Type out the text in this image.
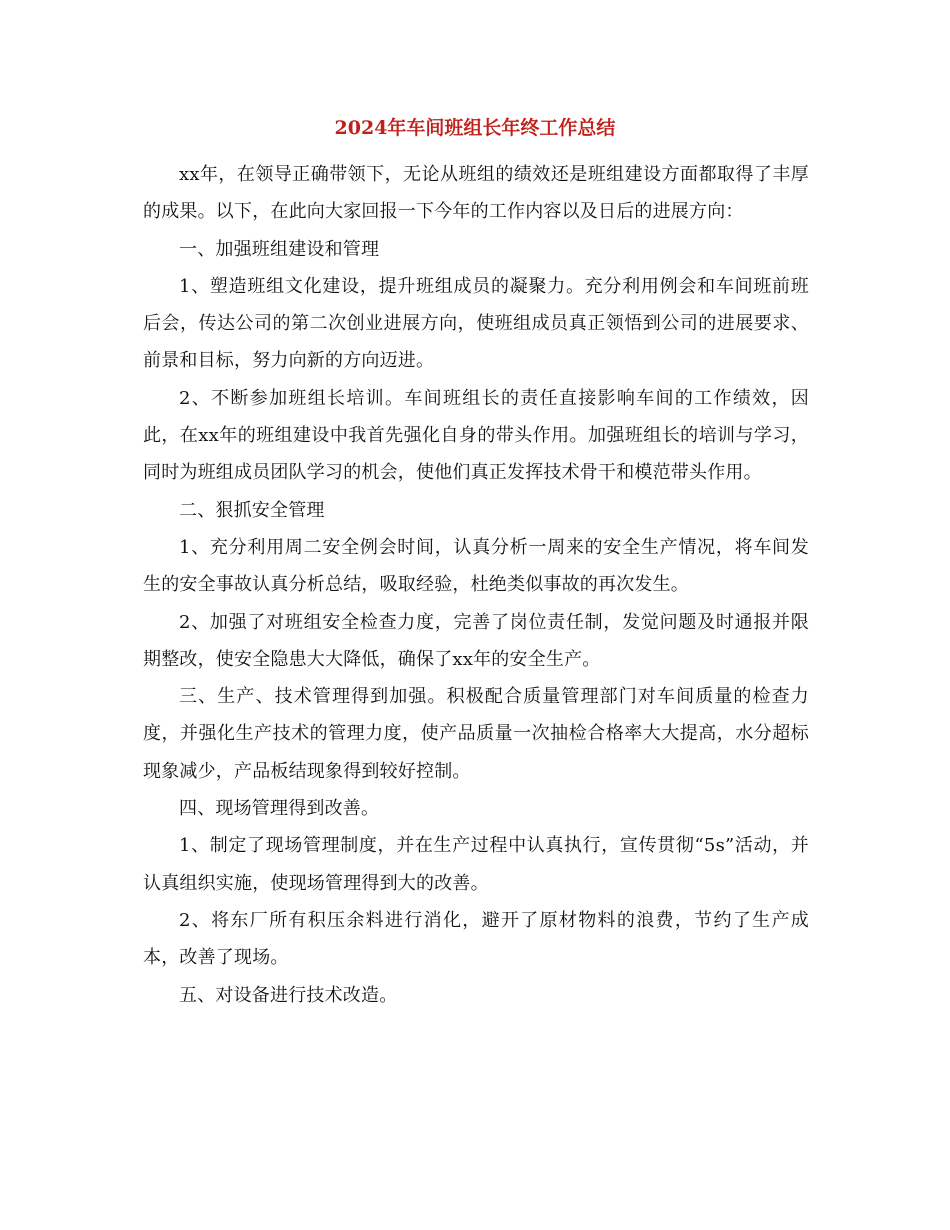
2024年车间班组长年终工作总结

xx年，在领导正确带领下，无论从班组的绩效还是班组建设方面都取得了丰厚的成果。以下，在此向大家回报一下今年的工作内容以及日后的进展方向：

一、加强班组建设和管理

1、塑造班组文化建设，提升班组成员的凝聚力。充分利用例会和车间班前班后会，传达公司的第二次创业进展方向，使班组成员真正领悟到公司的进展要求、前景和目标，努力向新的方向迈进。

2、不断参加班组长培训。车间班组长的责任直接影响车间的工作绩效，因此，在xx年的班组建设中我首先强化自身的带头作用。加强班组长的培训与学习，同时为班组成员团队学习的机会，使他们真正发挥技术骨干和模范带头作用。

二、狠抓安全管理

1、充分利用周二安全例会时间，认真分析一周来的安全生产情况，将车间发生的安全事故认真分析总结，吸取经验，杜绝类似事故的再次发生。

2、加强了对班组安全检查力度，完善了岗位责任制，发觉问题及时通报并限期整改，使安全隐患大大降低，确保了xx年的安全生产。

三、生产、技术管理得到加强。积极配合质量管理部门对车间质量的检查力度，并强化生产技术的管理力度，使产品质量一次抽检合格率大大提高，水分超标现象减少，产品板结现象得到较好控制。

四、现场管理得到改善。

1、制定了现场管理制度，并在生产过程中认真执行，宣传贯彻“5s”活动，并认真组织实施，使现场管理得到大的改善。

2、将东厂所有积压余料进行消化，避开了原材物料的浪费，节约了生产成本，改善了现场。

五、对设备进行技术改造。
